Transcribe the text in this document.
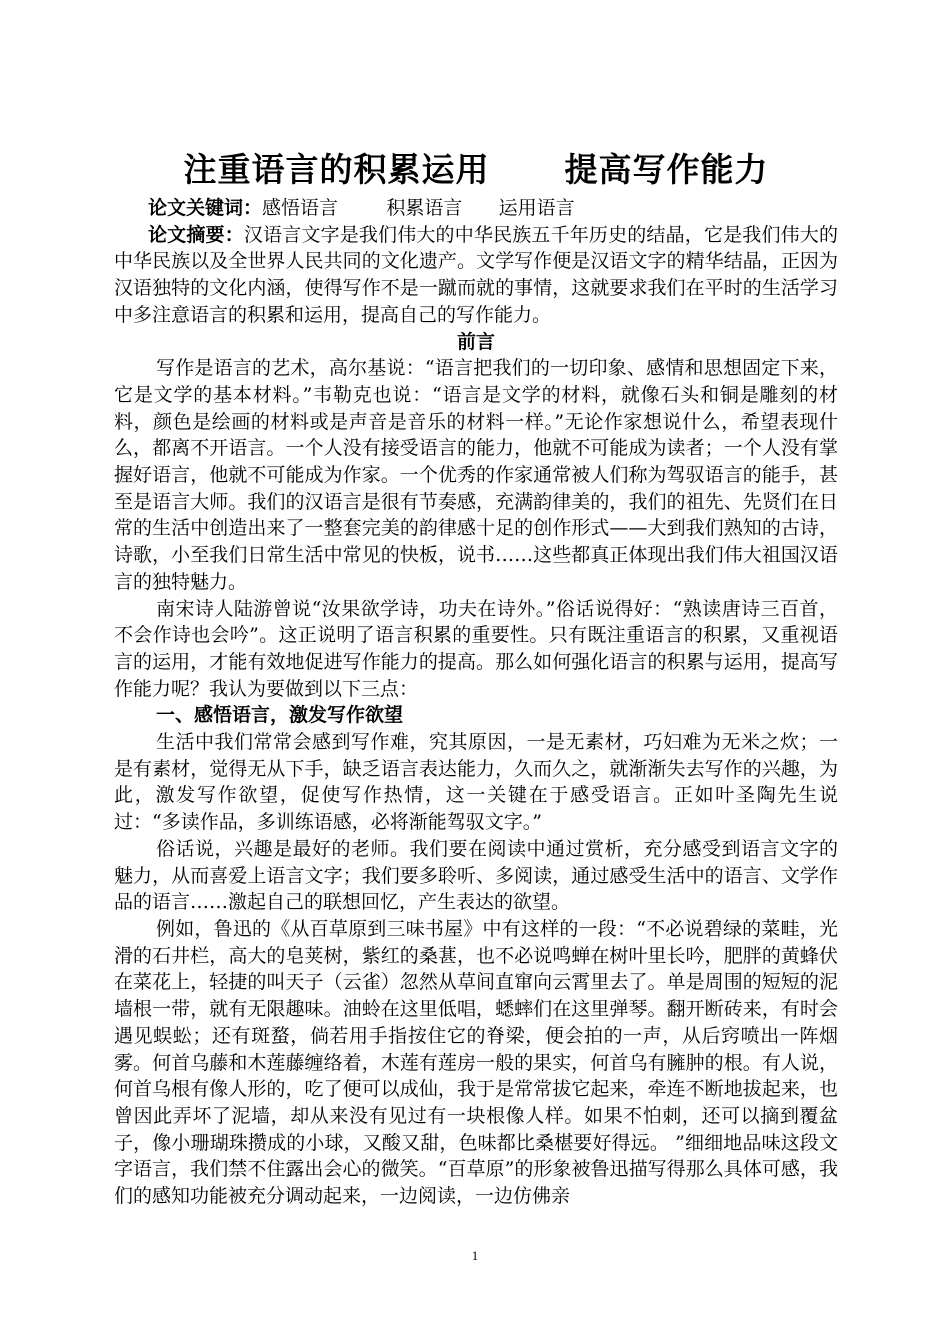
注重语言的积累运用      提高写作能力
论文关键词：感悟语言        积累语言      运用语言
论文摘要：汉语言文字是我们伟大的中华民族五千年历史的结晶，它是我们伟大的中华民族以及全世界人民共同的文化遗产。文学写作便是汉语文字的精华结晶，正因为汉语独特的文化内涵，使得写作不是一蹴而就的事情，这就要求我们在平时的生活学习中多注意语言的积累和运用，提高自己的写作能力。
前言

写作是语言的艺术，高尔基说：“语言把我们的一切印象、感情和思想固定下来，它是文学的基本材料。”韦勒克也说：“语言是文学的材料，就像石头和铜是雕刻的材料，颜色是绘画的材料或是声音是音乐的材料一样。”无论作家想说什么，希望表现什么，都离不开语言。一个人没有接受语言的能力，他就不可能成为读者；一个人没有掌握好语言，他就不可能成为作家。一个优秀的作家通常被人们称为驾驭语言的能手，甚至是语言大师。我们的汉语言是很有节奏感，充满韵律美的，我们的祖先、先贤们在日常的生活中创造出来了一整套完美的韵律感十足的创作形式——大到我们熟知的古诗，诗歌，小至我们日常生活中常见的快板，说书……这些都真正体现出我们伟大祖国汉语言的独特魅力。

南宋诗人陆游曾说“汝果欲学诗，功夫在诗外。”俗话说得好：“熟读唐诗三百首，不会作诗也会吟”。这正说明了语言积累的重要性。只有既注重语言的积累，又重视语言的运用，才能有效地促进写作能力的提高。那么如何强化语言的积累与运用，提高写作能力呢？我认为要做到以下三点：

一、感悟语言，激发写作欲望

生活中我们常常会感到写作难，究其原因，一是无素材，巧妇难为无米之炊；一是有素材，觉得无从下手，缺乏语言表达能力，久而久之，就渐渐失去写作的兴趣，为此，激发写作欲望，促使写作热情，这一关键在于感受语言。正如叶圣陶先生说过：“多读作品，多训练语感，必将渐能驾驭文字。”

俗话说，兴趣是最好的老师。我们要在阅读中通过赏析，充分感受到语言文字的魅力，从而喜爱上语言文字；我们要多聆听、多阅读，通过感受生活中的语言、文学作品的语言……激起自己的联想回忆，产生表达的欲望。

例如，鲁迅的《从百草原到三味书屋》中有这样的一段：“不必说碧绿的菜畦，光滑的石井栏，高大的皂荚树，紫红的桑葚，也不必说鸣蝉在树叶里长吟，肥胖的黄蜂伏在菜花上，轻捷的叫天子（云雀）忽然从草间直窜向云霄里去了。单是周围的短短的泥墙根一带，就有无限趣味。油蛉在这里低唱，蟋蟀们在这里弹琴。翻开断砖来，有时会遇见蜈蚣；还有斑蝥，倘若用手指按住它的脊梁，便会拍的一声，从后窍喷出一阵烟雾。何首乌藤和木莲藤缠络着，木莲有莲房一般的果实，何首乌有臃肿的根。有人说，何首乌根有像人形的，吃了便可以成仙，我于是常常拔它起来，牵连不断地拔起来，也曾因此弄坏了泥墙，却从来没有见过有一块根像人样。如果不怕刺，还可以摘到覆盆子，像小珊瑚珠攒成的小球，又酸又甜，色味都比桑椹要好得远。 ”细细地品味这段文字语言，我们禁不住露出会心的微笑。“百草原”的形象被鲁迅描写得那么具体可感，我们的感知功能被充分调动起来，一边阅读，一边仿佛亲

1
